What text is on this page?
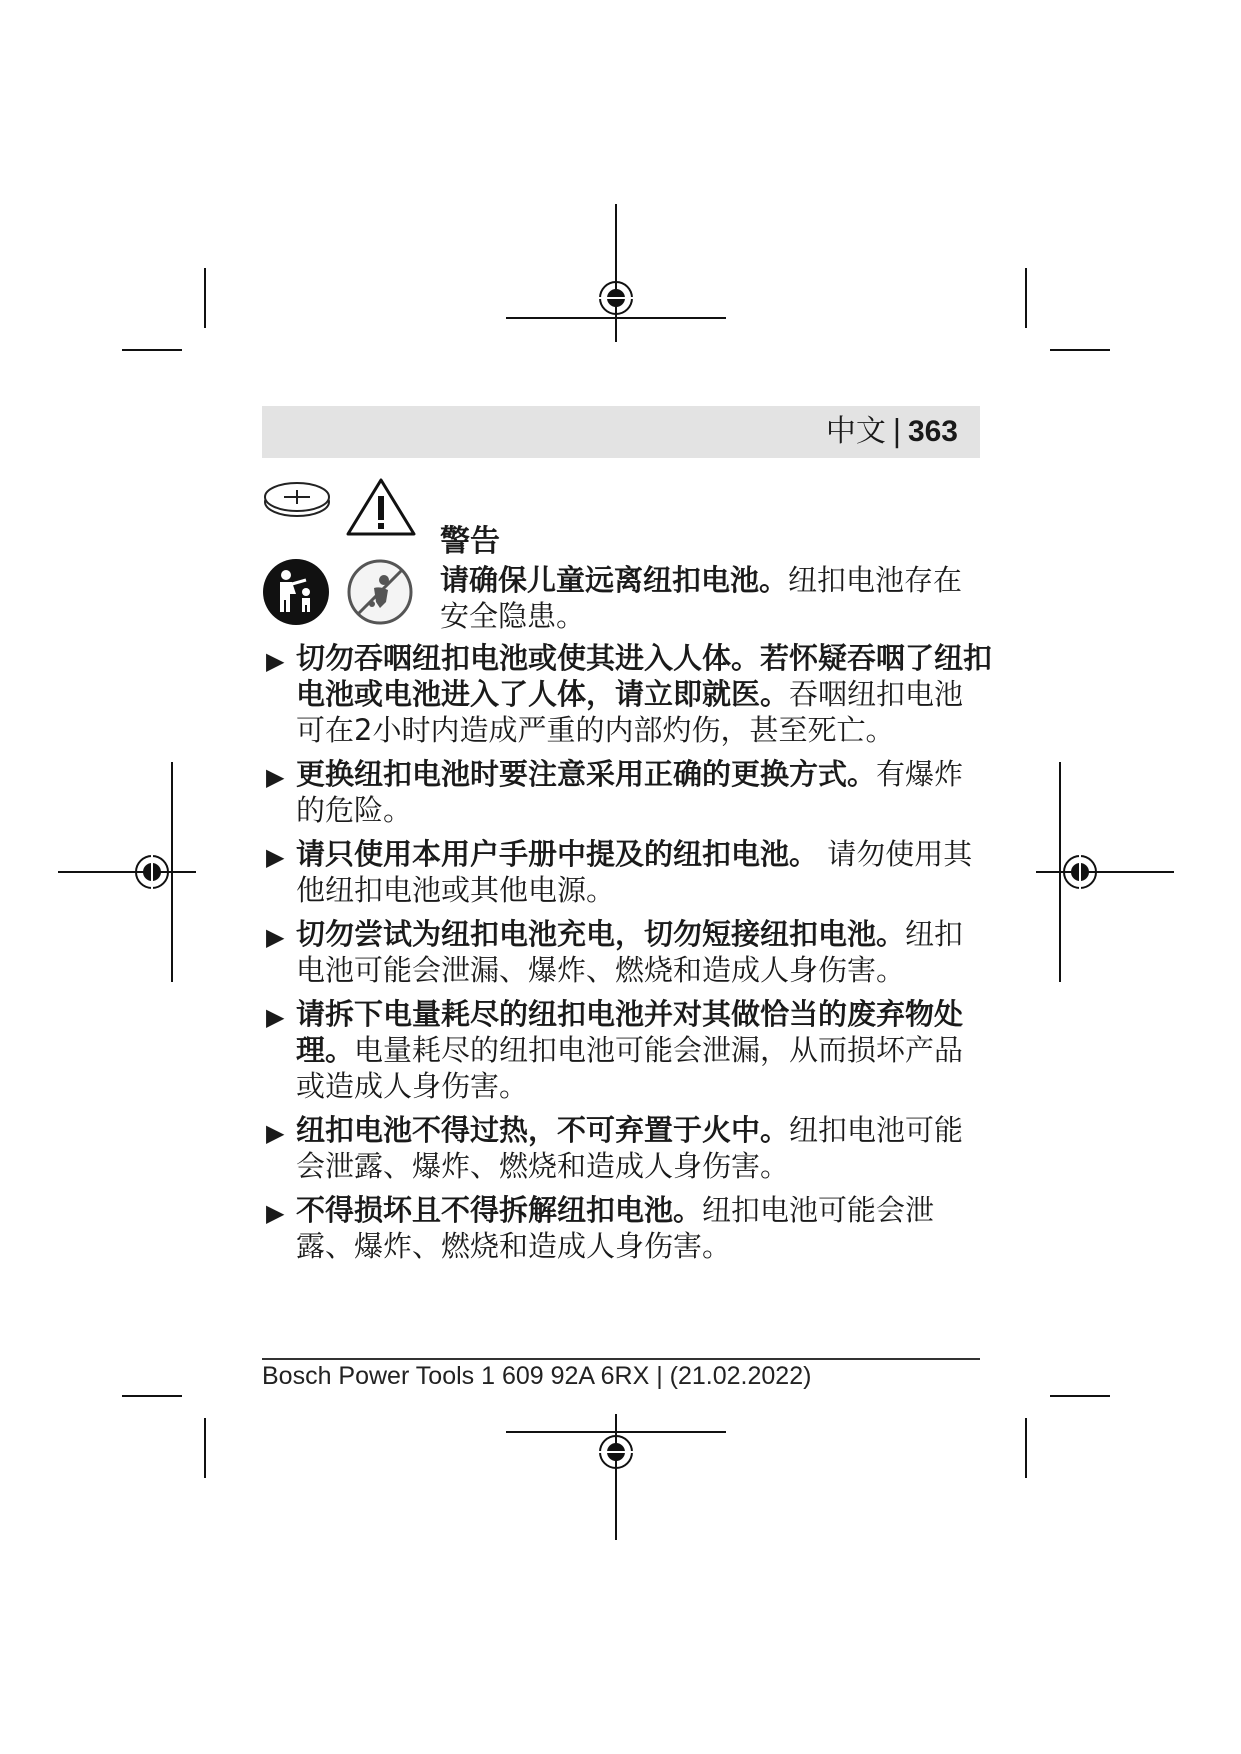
中文 | 363
警告
请确保儿童远离纽扣电池。纽扣电池存在安全隐患。
▶ 切勿吞咽纽扣电池或使其进入人体。若怀疑吞咽了纽扣电池或电池进入了人体，请立即就医。吞咽纽扣电池可在2小时内造成严重的内部灼伤，甚至死亡。
▶ 更换纽扣电池时要注意采用正确的更换方式。有爆炸的危险。
▶ 请只使用本用户手册中提及的纽扣电池。 请勿使用其他纽扣电池或其他电源。
▶ 切勿尝试为纽扣电池充电，切勿短接纽扣电池。纽扣电池可能会泄漏、爆炸、燃烧和造成人身伤害。
▶ 请拆下电量耗尽的纽扣电池并对其做恰当的废弃物处理。电量耗尽的纽扣电池可能会泄漏，从而损坏产品或造成人身伤害。
▶ 纽扣电池不得过热，不可弃置于火中。纽扣电池可能会泄露、爆炸、燃烧和造成人身伤害。
▶ 不得损坏且不得拆解纽扣电池。纽扣电池可能会泄露、爆炸、燃烧和造成人身伤害。
Bosch Power Tools 1 609 92A 6RX | (21.02.2022)
